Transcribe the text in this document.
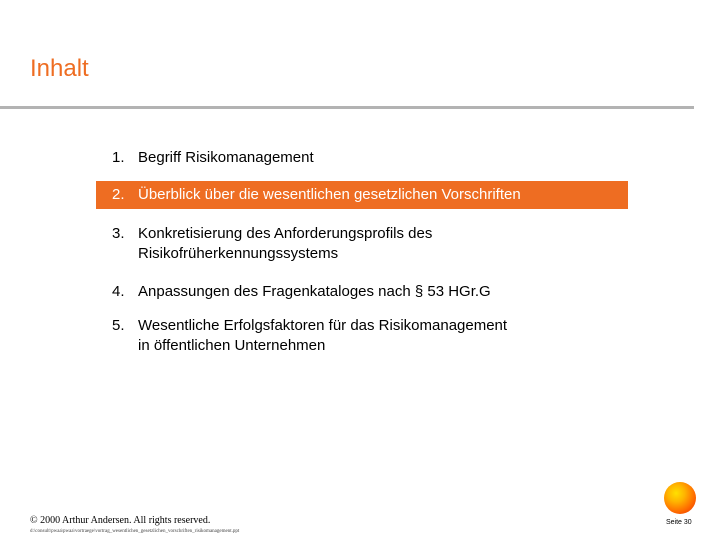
Inhalt
1. Begriff Risikomanagement
2. Überblick über die wesentlichen gesetzlichen Vorschriften
3. Konkretisierung des Anforderungsprofils des
Risikofrüherkennungssystems
4. Anpassungen des Fragenkataloges nach § 53 HGr.G
5. Wesentliche Erfolgsfaktoren für das Risikomanagement
in öffentlichen Unternehmen
© 2000 Arthur Andersen. All rights reserved.
d:\consult\pwaa\pwaa\vortraege\vortrag_wesentlichen_gesetzlichen_vorschriften_risikomanagement.ppt
Seite 30
